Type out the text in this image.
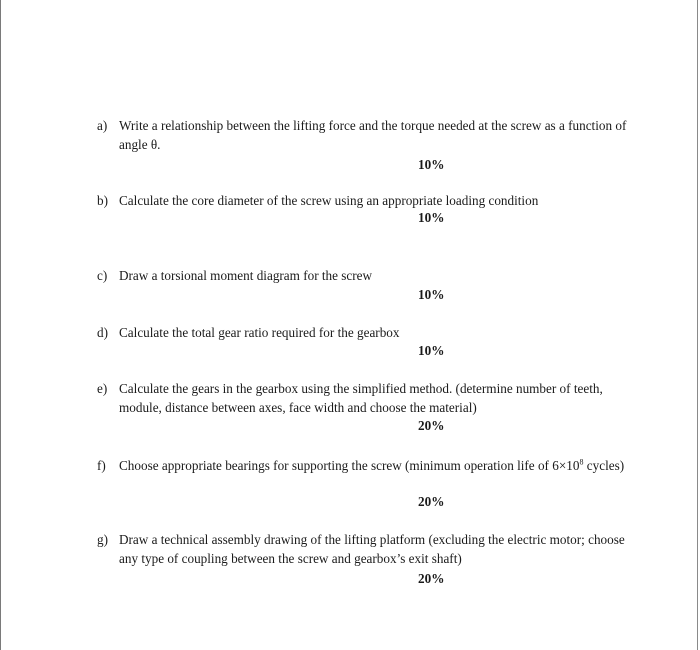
a) Write a relationship between the lifting force and the torque needed at the screw as a function of angle θ.
10%
b) Calculate the core diameter of the screw using an appropriate loading condition
10%
c) Draw a torsional moment diagram for the screw
10%
d) Calculate the total gear ratio required for the gearbox
10%
e) Calculate the gears in the gearbox using the simplified method. (determine number of teeth, module, distance between axes, face width and choose the material)
20%
f)	Choose appropriate bearings for supporting the screw (minimum operation life of $6\times 10^8$ cycles)
20%
g) Draw a technical assembly drawing of the lifting platform (excluding the electric motor; choose any type of coupling between the screw and gearbox’s exit shaft)
20%
